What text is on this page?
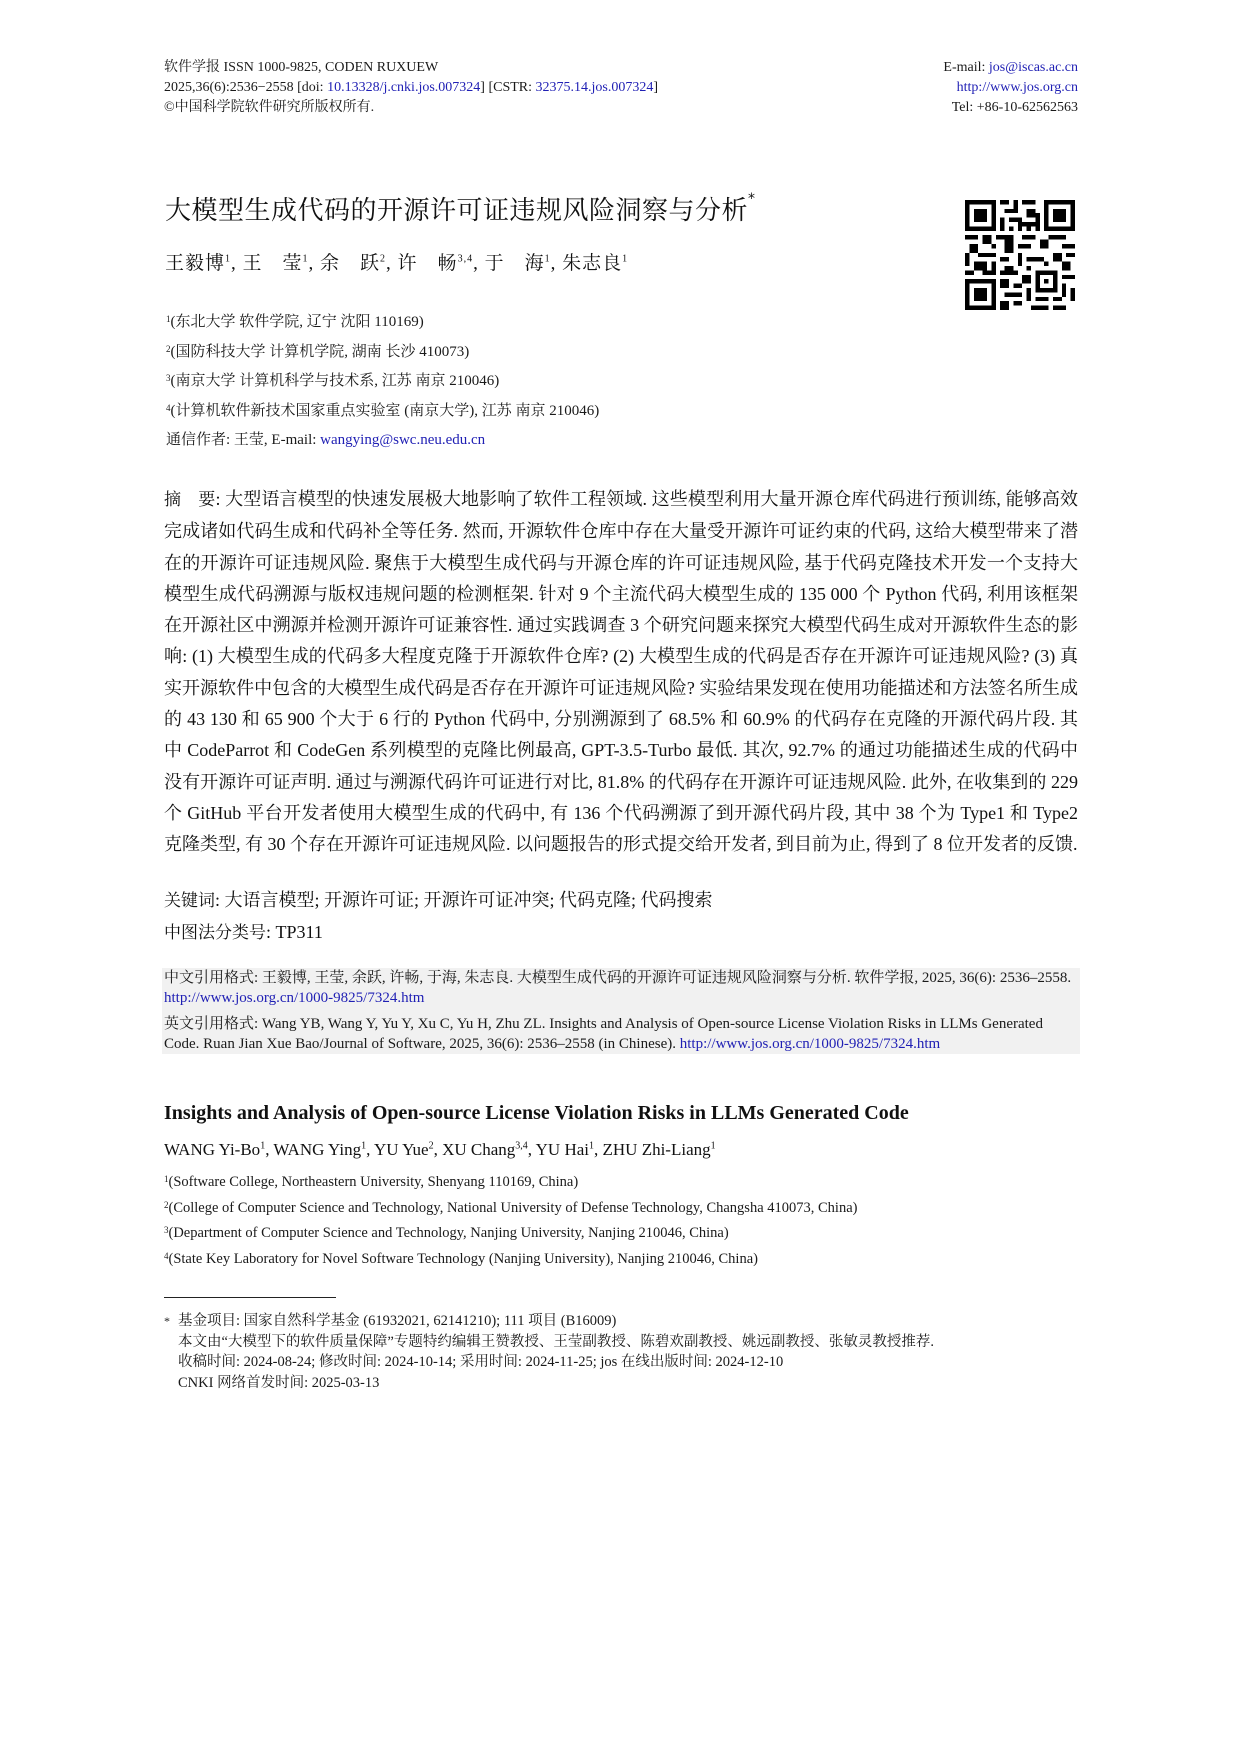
软件学报 ISSN 1000-9825, CODEN RUXUEW
2025,36(6):2536−2558 [doi: 10.13328/j.cnki.jos.007324] [CSTR: 32375.14.jos.007324]
©中国科学院软件研究所版权所有.
E-mail: jos@iscas.ac.cn
http://www.jos.org.cn
Tel: +86-10-62562563
大模型生成代码的开源许可证违规风险洞察与分析*
王毅博$^1$, 王　莹$^1$, 余　跃$^2$, 许　畅$^{3,4}$, 于　海$^1$, 朱志良$^1$
$^1$(东北大学 软件学院, 辽宁 沈阳 110169)
$^2$(国防科技大学 计算机学院, 湖南 长沙 410073)
$^3$(南京大学 计算机科学与技术系, 江苏 南京 210046)
$^4$(计算机软件新技术国家重点实验室 (南京大学), 江苏 南京 210046)
通信作者: 王莹, E-mail: wangying@swc.neu.edu.cn
摘　要: 大型语言模型的快速发展极大地影响了软件工程领域. 这些模型利用大量开源仓库代码进行预训练, 能够高效完成诸如代码生成和代码补全等任务. 然而, 开源软件仓库中存在大量受开源许可证约束的代码, 这给大模型带来了潜在的开源许可证违规风险. 聚焦于大模型生成代码与开源仓库的许可证违规风险, 基于代码克隆技术开发一个支持大模型生成代码溯源与版权违规问题的检测框架. 针对 9 个主流代码大模型生成的 135 000 个 Python 代码, 利用该框架在开源社区中溯源并检测开源许可证兼容性. 通过实践调查 3 个研究问题来探究大模型代码生成对开源软件生态的影响: (1) 大模型生成的代码多大程度克隆于开源软件仓库? (2) 大模型生成的代码是否存在开源许可证违规风险? (3) 真实开源软件中包含的大模型生成代码是否存在开源许可证违规风险? 实验结果发现在使用功能描述和方法签名所生成的 43 130 和 65 900 个大于 6 行的 Python 代码中, 分别溯源到了 68.5% 和 60.9% 的代码存在克隆的开源代码片段. 其中 CodeParrot 和 CodeGen 系列模型的克隆比例最高, GPT-3.5-Turbo 最低. 其次, 92.7% 的通过功能描述生成的代码中没有开源许可证声明. 通过与溯源代码许可证进行对比, 81.8% 的代码存在开源许可证违规风险. 此外, 在收集到的 229 个 GitHub 平台开发者使用大模型生成的代码中, 有 136 个代码溯源了到开源代码片段, 其中 38 个为 Type1 和 Type2 克隆类型, 有 30 个存在开源许可证违规风险. 以问题报告的形式提交给开发者, 到目前为止, 得到了 8 位开发者的反馈.
关键词: 大语言模型; 开源许可证; 开源许可证冲突; 代码克隆; 代码搜索
中图法分类号: TP311
中文引用格式: 王毅博, 王莹, 余跃, 许畅, 于海, 朱志良. 大模型生成代码的开源许可证违规风险洞察与分析. 软件学报, 2025, 36(6): 2536–2558. http://www.jos.org.cn/1000-9825/7324.htm
英文引用格式: Wang YB, Wang Y, Yu Y, Xu C, Yu H, Zhu ZL. Insights and Analysis of Open-source License Violation Risks in LLMs Generated Code. Ruan Jian Xue Bao/Journal of Software, 2025, 36(6): 2536–2558 (in Chinese). http://www.jos.org.cn/1000-9825/7324.htm
Insights and Analysis of Open-source License Violation Risks in LLMs Generated Code
WANG Yi-Bo$^1$, WANG Ying$^1$, YU Yue$^2$, XU Chang$^{3,4}$, YU Hai$^1$, ZHU Zhi-Liang$^1$
$^1$(Software College, Northeastern University, Shenyang 110169, China)
$^2$(College of Computer Science and Technology, National University of Defense Technology, Changsha 410073, China)
$^3$(Department of Computer Science and Technology, Nanjing University, Nanjing 210046, China)
$^4$(State Key Laboratory for Novel Software Technology (Nanjing University), Nanjing 210046, China)
* 基金项目: 国家自然科学基金 (61932021, 62141210); 111 项目 (B16009)
本文由“大模型下的软件质量保障”专题特约编辑王赞教授、王莹副教授、陈碧欢副教授、姚远副教授、张敏灵教授推荐.
收稿时间: 2024-08-24; 修改时间: 2024-10-14; 采用时间: 2024-11-25; jos 在线出版时间: 2024-12-10
CNKI 网络首发时间: 2025-03-13
